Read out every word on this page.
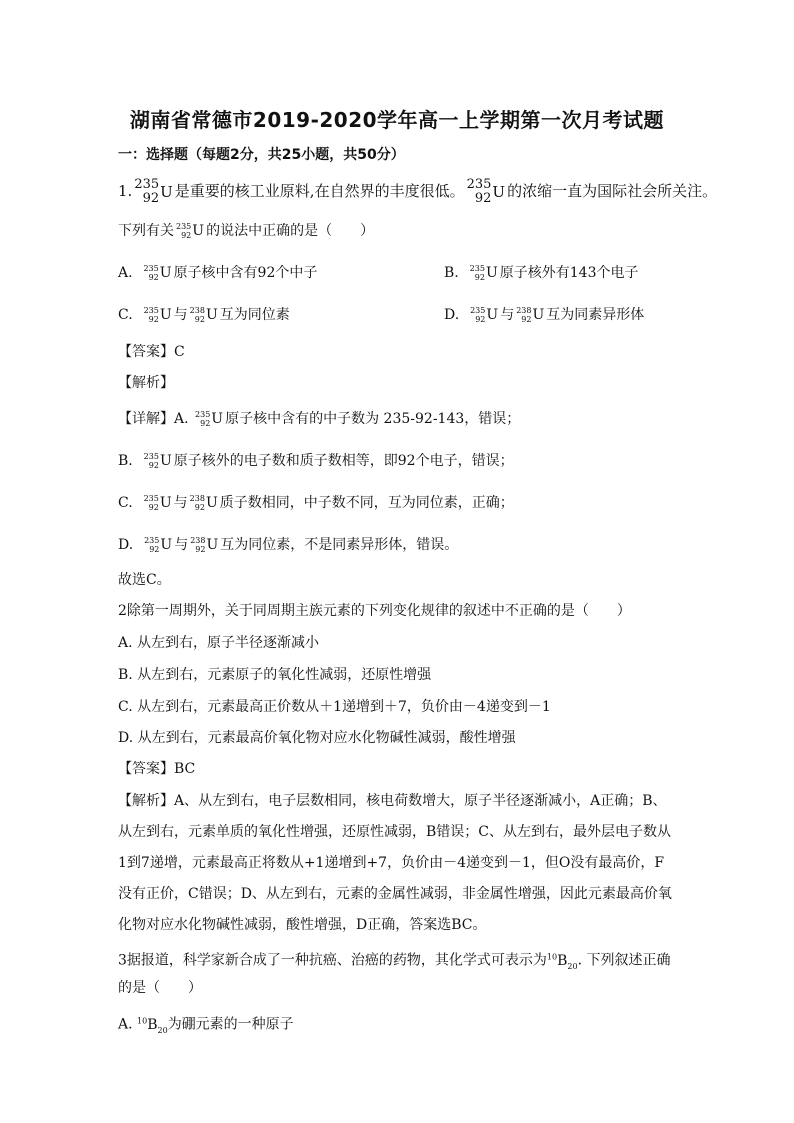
湖南省常德市2019-2020学年高一上学期第一次月考试题
一：选择题（每题2分，共25小题，共50分）
1. 235
92 U 是重要的核工业原料,在自然界的丰度很低。 235
92 U 的浓缩一直为国际社会所关注。
下列有关 235
92 U 的说法中正确的是（　　）
A. 235
92 U 原子核中含有92个中子	B. 235
92 U 原子核外有143个电子
C. 235
92 U 与 238
92 U 互为同位素	D. 235
92 U 与 238
92 U 互为同素异形体
【答案】C
【解析】
【详解】A. 235
92 U 原子核中含有的中子数为 235-92-143，错误；
B. 235
92 U 原子核外的电子数和质子数相等，即92个电子，错误；
C. 235
92 U 与 238
92 U 质子数相同，中子数不同，互为同位素，正确；
D. 235
92 U 与 238
92 U 互为同位素，不是同素异形体，错误。
故选C。
2除第一周期外，关于同周期主族元素的下列变化规律的叙述中不正确的是（　　）
A. 从左到右，原子半径逐渐减小
B. 从左到右，元素原子的氧化性减弱，还原性增强
C. 从左到右，元素最高正价数从＋1递增到＋7，负价由－4递变到－1
D. 从左到右，元素最高价氧化物对应水化物碱性减弱，酸性增强
【答案】BC
【解析】A、从左到右，电子层数相同，核电荷数增大，原子半径逐渐减小，A正确；B、
从左到右，元素单质的氧化性增强，还原性减弱，B错误；C、从左到右，最外层电子数从
1到7递增，元素最高正将数从+1递增到+7，负价由－4递变到－1，但O没有最高价，F
没有正价，C错误；D、从左到右，元素的金属性减弱，非金属性增强，因此元素最高价氧
化物对应水化物碱性减弱，酸性增强，D正确，答案选BC。
3据报道，科学家新合成了一种抗癌、治癌的药物，其化学式可表示为$^{10}B_{20}$. 下列叙述正确
的是（　　）
A. $^{10}B_{20}$为硼元素的一种原子
